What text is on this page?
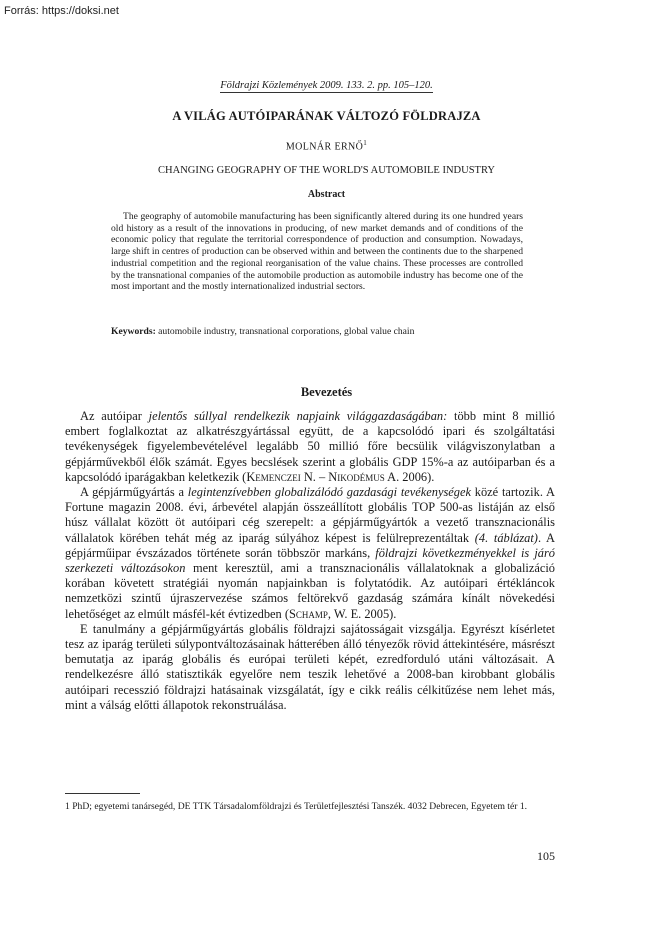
Forrás: https://doksi.net
Földrajzi Közlemények 2009. 133. 2. pp. 105–120.
A VILÁG AUTÓIPARÁNAK VÁLTOZÓ FÖLDRAJZA
MOLNÁR ERNŐ$^1$
CHANGING GEOGRAPHY OF THE WORLD'S AUTOMOBILE INDUSTRY
Abstract

The geography of automobile manufacturing has been significantly altered during its one hundred years old history as a result of the innovations in producing, of new market demands and of conditions of the economic policy that regulate the territorial correspondence of production and consumption. Nowadays, large shift in centres of production can be observed within and between the continents due to the sharpened industrial competition and the regional reorganisation of the value chains. These processes are controlled by the transnational companies of the automobile production as automobile industry has become one of the most important and the mostly internationalized industrial sectors.

Keywords: automobile industry, transnational corporations, global value chain

Bevezetés

Az autóipar jelentős súllyal rendelkezik napjaink világgazdaságában: több mint 8 millió embert foglalkoztat az alkatrészgyártással együtt, de a kapcsolódó ipari és szolgáltatási tevékenységek figyelembevételével legalább 50 millió főre becsülik világviszonylatban a gépjárművekből élők számát. Egyes becslések szerint a globális GDP 15%-a az autóiparban és a kapcsolódó iparágakban keletkezik (Kemenczei N. – Nikodémus A. 2006).

A gépjárműgyártás a legintenzívebben globalizálódó gazdasági tevékenységek közé tartozik. A Fortune magazin 2008. évi, árbevétel alapján összeállított globális TOP 500-as listáján az első húsz vállalat között öt autóipari cég szerepelt: a gépjárműgyártók a vezető transznacionális vállalatok körében tehát még az iparág súlyához képest is felülreprezentáltak (4. táblázat). A gépjárműipar évszázados története során többször markáns, földrajzi következményekkel is járó szerkezeti változásokon ment keresztül, ami a transznacionális vállalatoknak a globalizáció korában követett stratégiái nyomán napjainkban is folytatódik. Az autóipari értékláncok nemzetközi szintű újraszervezése számos feltörekvő gazdaság számára kínált növekedési lehetőséget az elmúlt másfél-két évtizedben (Schamp, W. E. 2005).

E tanulmány a gépjárműgyártás globális földrajzi sajátosságait vizsgálja. Egyrészt kísérletet tesz az iparág területi súlypontváltozásainak hátterében álló tényezők rövid áttekintésére, másrészt bemutatja az iparág globális és európai területi képét, ezredforduló utáni változásait. A rendelkezésre álló statisztikák egyelőre nem teszik lehetővé a 2008-ban kirobbant globális autóipari recesszió földrajzi hatásainak vizsgálatát, így e cikk reális célkitűzése nem lehet más, mint a válság előtti állapotok rekonstruálása.

1 PhD; egyetemi tanársegéd, DE TTK Társadalomföldrajzi és Területfejlesztési Tanszék. 4032 Debrecen, Egyetem tér 1.

105
